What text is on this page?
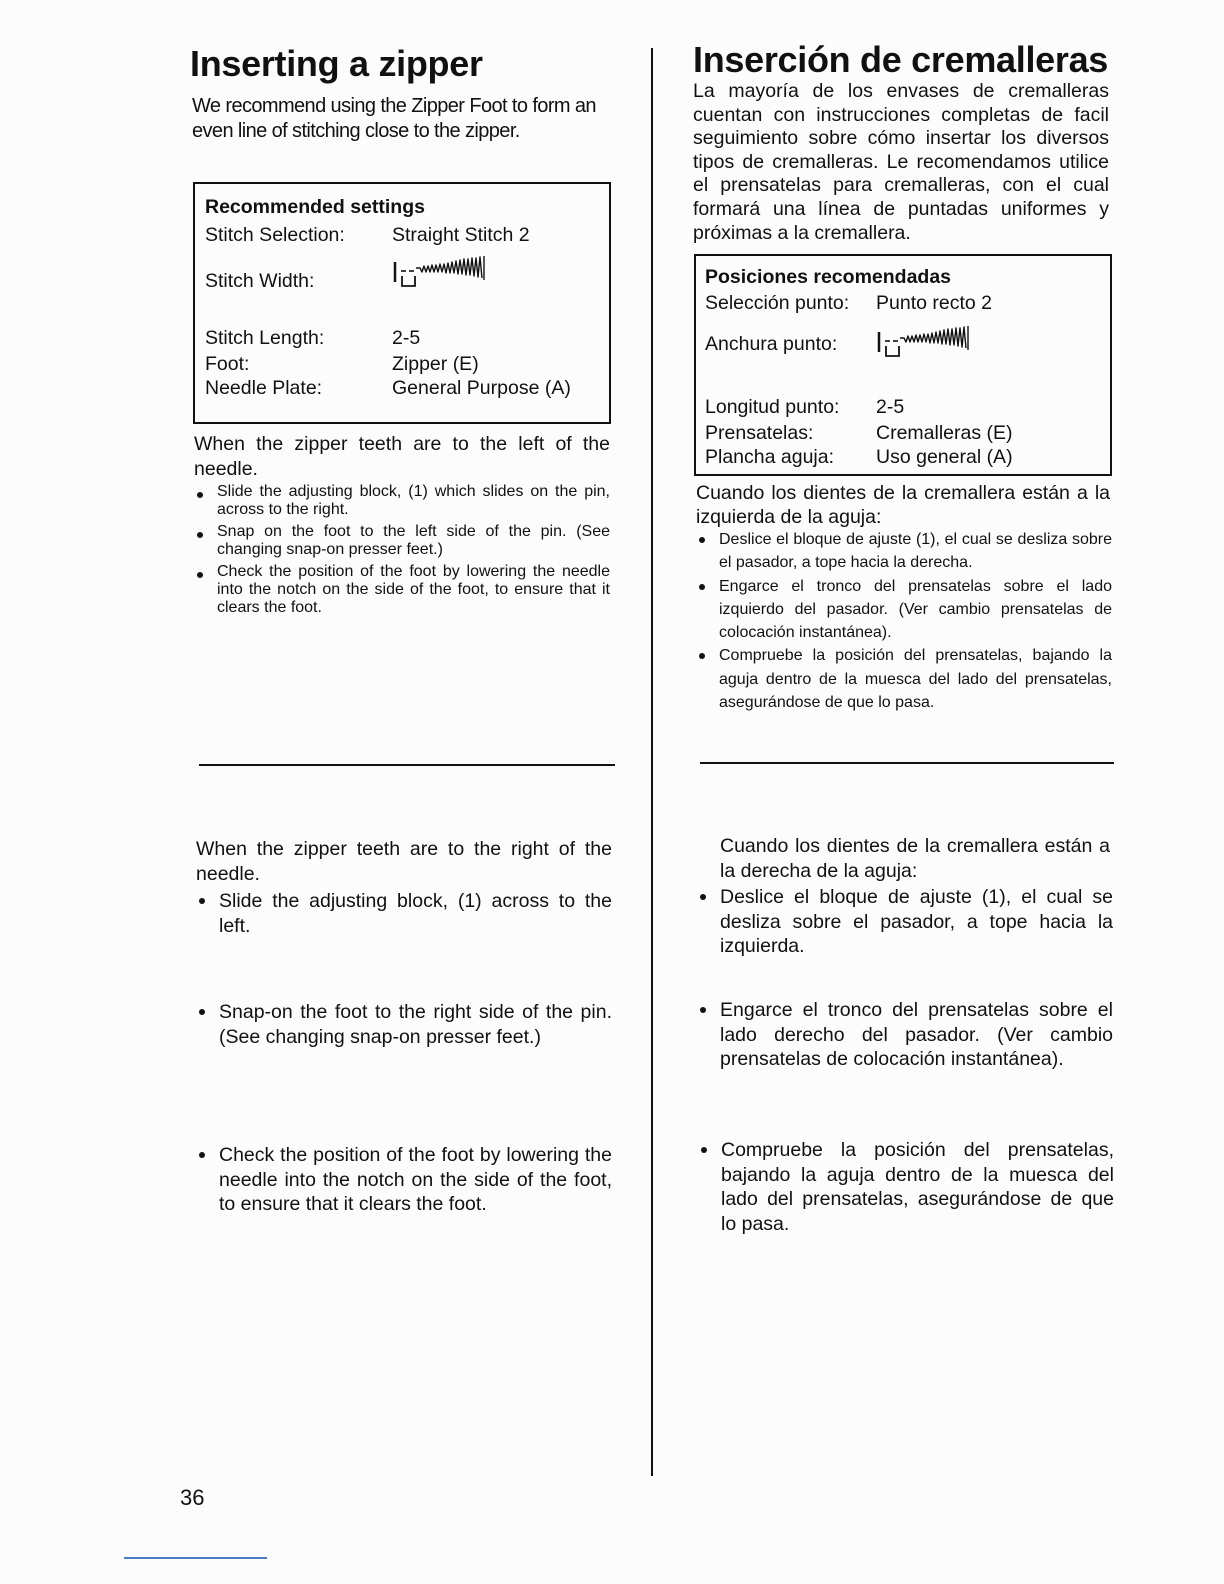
Inserting a zipper

We recommend using the Zipper Foot to form an even line of stitching close to the zipper.

Recommended settings
Stitch Selection: Straight Stitch 2
Stitch Width:
Stitch Length:	2-5
Foot:	Zipper (E)
Needle Plate:	General Purpose (A)

When the zipper teeth are to the left of the needle.

Slide the adjusting block, (1) which slides on the pin, across to the right.
Snap on the foot to the left side of the pin. (See changing snap-on presser feet.)
Check the position of the foot by lowering the needle into the notch on the side of the foot, to ensure that it clears the foot.

When the zipper teeth are to the right of the needle.

Slide the adjusting block, (1) across to the left.

Snap-on the foot to the right side of the pin. (See changing snap-on presser feet.)

Check the position of the foot by lowering the needle into the notch on the side of the foot, to ensure that it clears the foot.

36
Inserción de cremalleras

La mayoría de los envases de cremalleras cuentan con instrucciones completas de facil seguimiento sobre cómo insertar los diversos tipos de cremalleras. Le recomendamos utilice el prensatelas para cremalleras, con el cual formará una línea de puntadas uniformes y próximas a la cremallera.

Posiciones recomendadas
Selección punto: Punto recto 2
Anchura punto:
Longitud punto: 2-5
Prensatelas:	Cremalleras (E)
Plancha aguja: Uso general (A)

Cuando los dientes de la cremallera están a la izquierda de la aguja:

Deslice el bloque de ajuste (1), el cual se desliza sobre el pasador, a tope hacia la derecha.
Engarce el tronco del prensatelas sobre el lado izquierdo del pasador. (Ver cambio prensatelas de colocación instantánea).
Compruebe la posición del prensatelas, bajando la aguja dentro de la muesca del lado del prensatelas, asegurándose de que lo pasa.

Cuando los dientes de la cremallera están a la derecha de la aguja:

Deslice el bloque de ajuste (1), el cual se desliza sobre el pasador, a tope hacia la izquierda.

Engarce el tronco del prensatelas sobre el lado derecho del pasador. (Ver cambio prensatelas de colocación instantánea).

Compruebe la posición del prensatelas, bajando la aguja dentro de la muesca del lado del prensatelas, asegurándose de que lo pasa.
